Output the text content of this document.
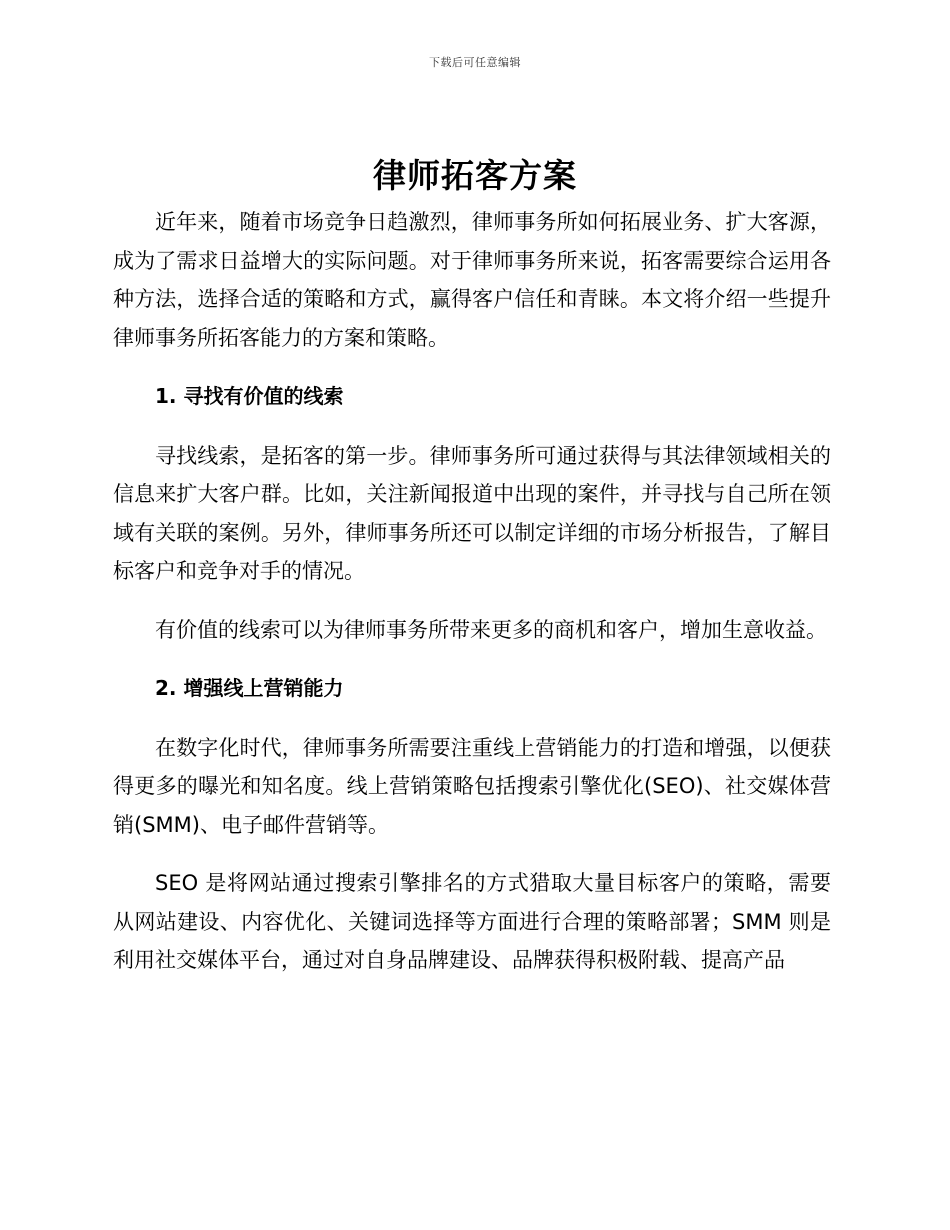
下载后可任意编辑
律师拓客方案

近年来，随着市场竞争日趋激烈，律师事务所如何拓展业务、扩大客源，成为了需求日益增大的实际问题。对于律师事务所来说，拓客需要综合运用各种方法，选择合适的策略和方式，赢得客户信任和青睐。本文将介绍一些提升律师事务所拓客能力的方案和策略。

1. 寻找有价值的线索

寻找线索，是拓客的第一步。律师事务所可通过获得与其法律领域相关的信息来扩大客户群。比如，关注新闻报道中出现的案件，并寻找与自己所在领域有关联的案例。另外，律师事务所还可以制定详细的市场分析报告，了解目标客户和竞争对手的情况。

有价值的线索可以为律师事务所带来更多的商机和客户，增加生意收益。

2. 增强线上营销能力

在数字化时代，律师事务所需要注重线上营销能力的打造和增强，以便获得更多的曝光和知名度。线上营销策略包括搜索引擎优化(SEO)、社交媒体营销(SMM)、电子邮件营销等。

SEO 是将网站通过搜索引擎排名的方式猎取大量目标客户的策略，需要从网站建设、内容优化、关键词选择等方面进行合理的策略部署；SMM 则是利用社交媒体平台，通过对自身品牌建设、品牌获得积极附载、提高产品
